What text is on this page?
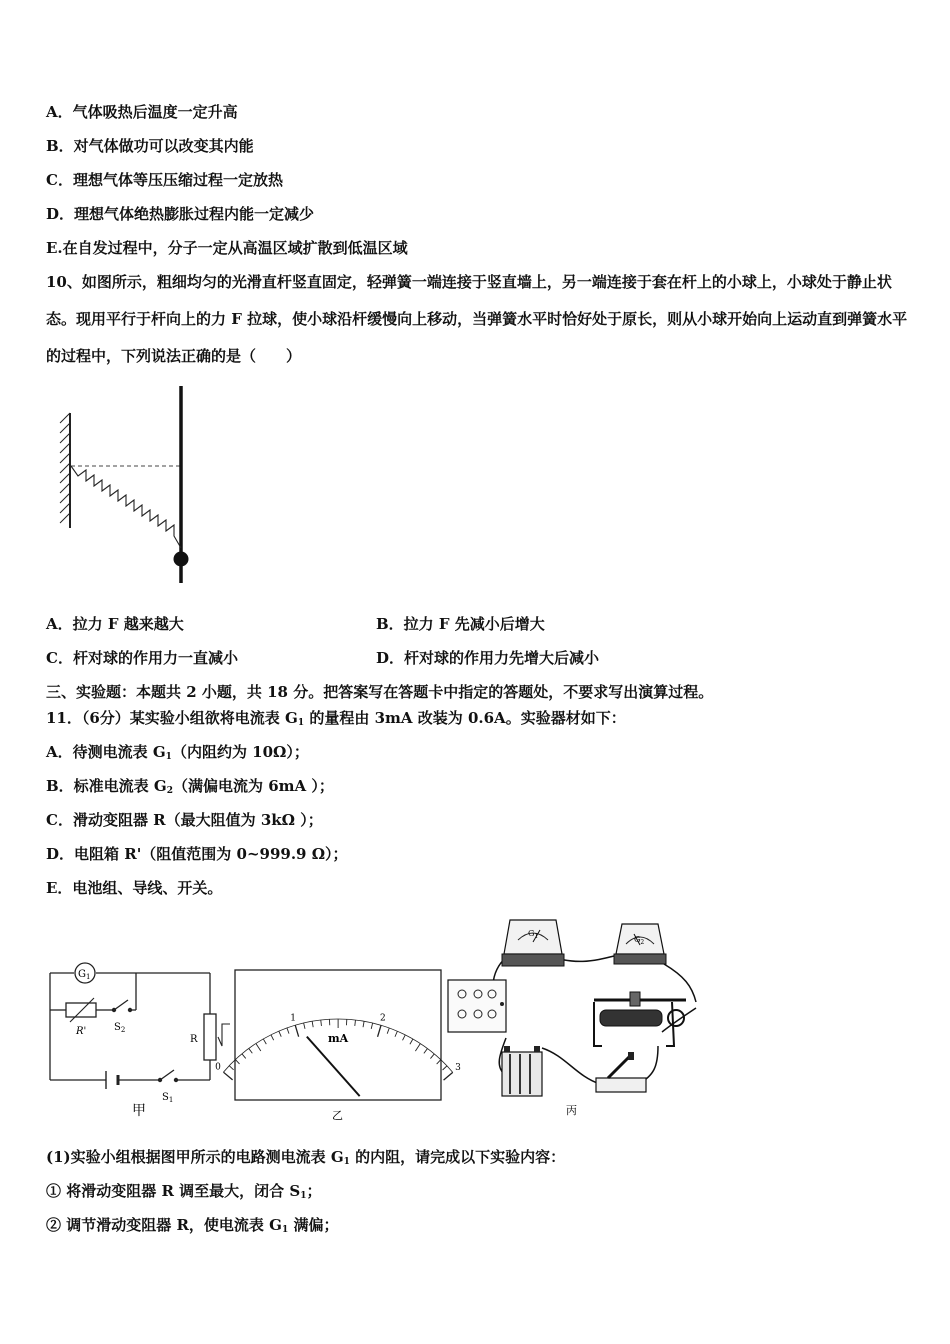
A．气体吸热后温度一定升高
B．对气体做功可以改变其内能
C．理想气体等压压缩过程一定放热
D．理想气体绝热膨胀过程内能一定减少
E.在自发过程中，分子一定从高温区域扩散到低温区域
10、如图所示，粗细均匀的光滑直杆竖直固定，轻弹簧一端连接于竖直墙上，另一端连接于套在杆上的小球上，小球处于静止状态。现用平行于杆向上的力 F 拉球，使小球沿杆缓慢向上移动，当弹簧水平时恰好处于原长，则从小球开始向上运动直到弹簧水平的过程中，下列说法正确的是（　　）
A．拉力 F 越来越大	B．拉力 F 先减小后增大
C．杆对球的作用力一直减小	D．杆对球的作用力先增大后减小
三、实验题：本题共 2 小题，共 18 分。把答案写在答题卡中指定的答题处，不要求写出演算过程。
11．（6分）某实验小组欲将电流表 $G_1$ 的量程由 3mA 改装为 0.6A。实验器材如下：
A．待测电流表 $G_1$（内阻约为 10Ω）；
B．标准电流表 $G_2$（满偏电流为 6mA ）；
C．滑动变阻器 R（最大阻值为 3kΩ ）；
D．电阻箱 R'（阻值范围为 0~999.9 Ω）；
E．电池组、导线、开关。
$G_1$
R'	$S_2$
R
$S_1$
甲
0
1	2
3
mA
乙
$G_1$	$G_2$
丙
(1)实验小组根据图甲所示的电路测电流表 $G_1$ 的内阻，请完成以下实验内容：
① 将滑动变阻器 R 调至最大，闭合 $S_1$；
② 调节滑动变阻器 R，使电流表 $G_1$ 满偏；
